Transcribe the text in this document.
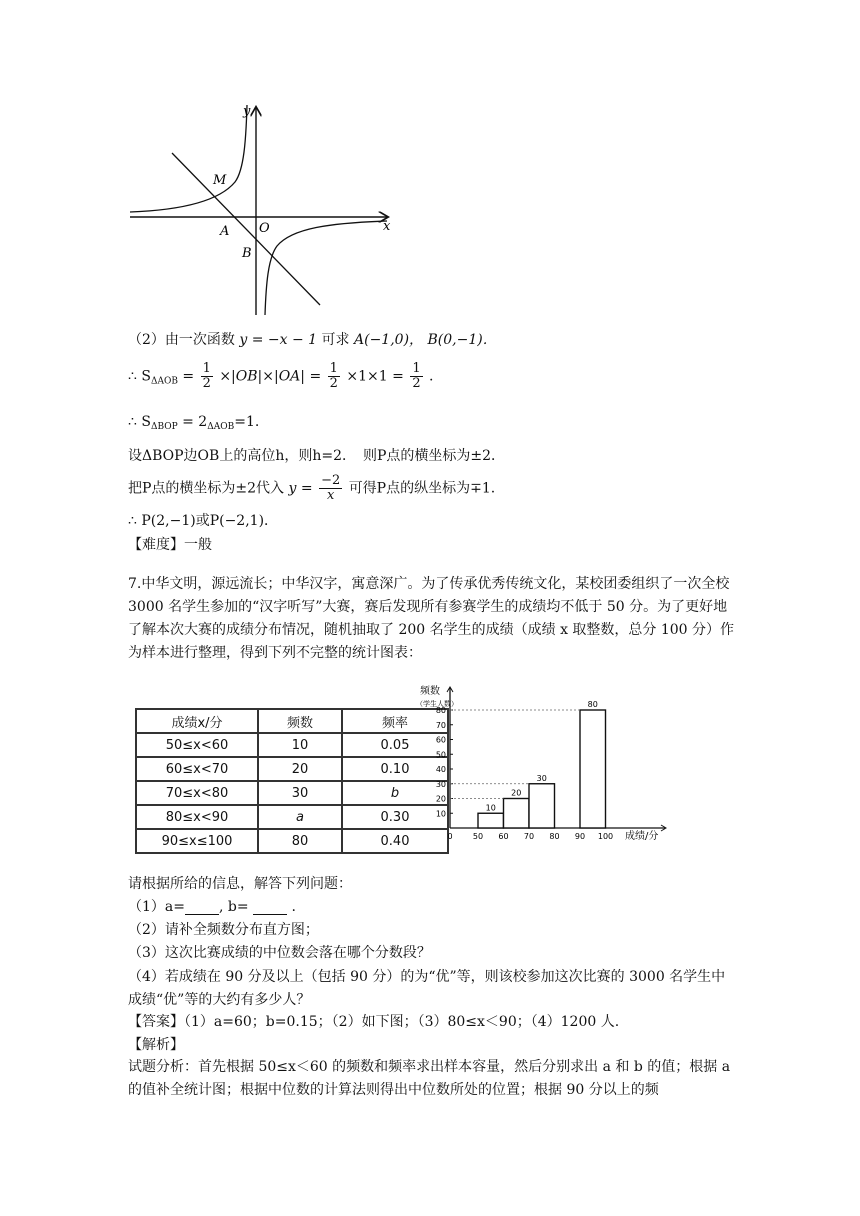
y
x
M
A O
B
（2）由一次函数 y = −x − 1 可求 A(−1,0)， B(0,−1)．
∴ $S_{\Delta AOB} = \frac{1}{2} \times|OB|\times|OA| = \frac{1}{2} \times 1\times 1 = \frac{1}{2}$ .
∴ $S_{\Delta BOP} = 2_{\Delta AOB}=1$.
设ΔBOP边OB上的高位h，则h=2．　则P点的横坐标为±2．
把P点的横坐标为±2代入 $y = \frac{-2}{x}$ 可得P点的纵坐标为∓1.
∴ P(2,−1)或P(−2,1)．
【难度】一般

7.中华文明，源远流长；中华汉字，寓意深广。为了传承优秀传统文化，某校团委组织了一次全校 3000 名学生参加的“汉字听写”大赛，赛后发现所有参赛学生的成绩均不低于 50 分。为了更好地了解本次大赛的成绩分布情况，随机抽取了 200 名学生的成绩（成绩 x 取整数，总分 100 分）作为样本进行整理，得到下列不完整的统计图表：

成绩x/分	频数	频率
50≤x<60	10	0.05
60≤x<70	20	0.10
70≤x<80	30	b
80≤x<90	a	0.30
90≤x≤100	80	0.40
10
20
30
40
50
60
70
80
0	50 60 70 80 90 100
频数
（学生人数）
成绩/分
10
20
30
80
请根据所给的信息，解答下列问题：
（1）a= , b=	.
（2）请补全频数分布直方图；
（3）这次比赛成绩的中位数会落在哪个分数段？

（4）若成绩在 90 分及以上（包括 90 分）的为“优”等，则该校参加这次比赛的 3000 名学生中成绩“优”等的大约有多少人？

【答案】（1）a=60；b=0.15；（2）如下图；（3）80≤x＜90；（4）1200 人.
【解析】

试题分析：首先根据 50≤x＜60 的频数和频率求出样本容量，然后分别求出 a 和 b 的值；根据 a 的值补全统计图；根据中位数的计算法则得出中位数所处的位置；根据 90 分以上的频
